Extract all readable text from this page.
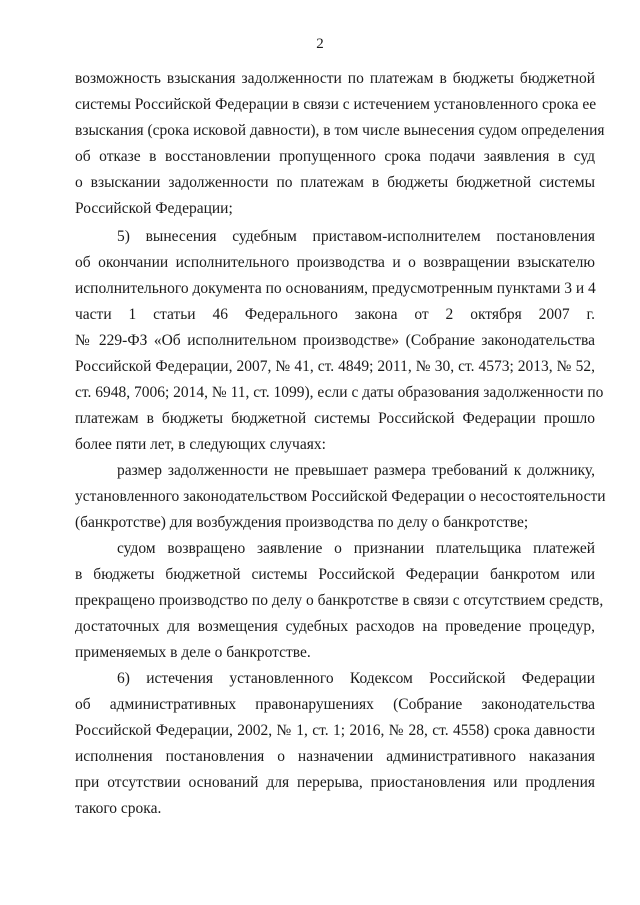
2
возможность взыскания задолженности по платежам в бюджеты бюджетной
системы Российской Федерации в связи с истечением установленного срока ее
взыскания (срока исковой давности), в том числе вынесения судом определения
об отказе в восстановлении пропущенного срока подачи заявления в суд
о взыскании задолженности по платежам в бюджеты бюджетной системы
Российской Федерации;
5) вынесения судебным приставом-исполнителем постановления
об окончании исполнительного производства и о возвращении взыскателю
исполнительного документа по основаниям, предусмотренным пунктами 3 и 4
части 1 статьи 46 Федерального закона от 2 октября 2007 г.
№ 229-ФЗ «Об исполнительном производстве» (Собрание законодательства
Российской Федерации, 2007, № 41, ст. 4849; 2011, № 30, ст. 4573; 2013, № 52,
ст. 6948, 7006; 2014, № 11, ст. 1099), если с даты образования задолженности по
платежам в бюджеты бюджетной системы Российской Федерации прошло
более пяти лет, в следующих случаях:
размер задолженности не превышает размера требований к должнику,
установленного законодательством Российской Федерации о несостоятельности
(банкротстве) для возбуждения производства по делу о банкротстве;
судом возвращено заявление о признании плательщика платежей
в бюджеты бюджетной системы Российской Федерации банкротом или
прекращено производство по делу о банкротстве в связи с отсутствием средств,
достаточных для возмещения судебных расходов на проведение процедур,
применяемых в деле о банкротстве.
6) истечения установленного Кодексом Российской Федерации
об административных правонарушениях (Собрание законодательства
Российской Федерации, 2002, № 1, ст. 1; 2016, № 28, ст. 4558) срока давности
исполнения постановления о назначении административного наказания
при отсутствии оснований для перерыва, приостановления или продления
такого срока.
